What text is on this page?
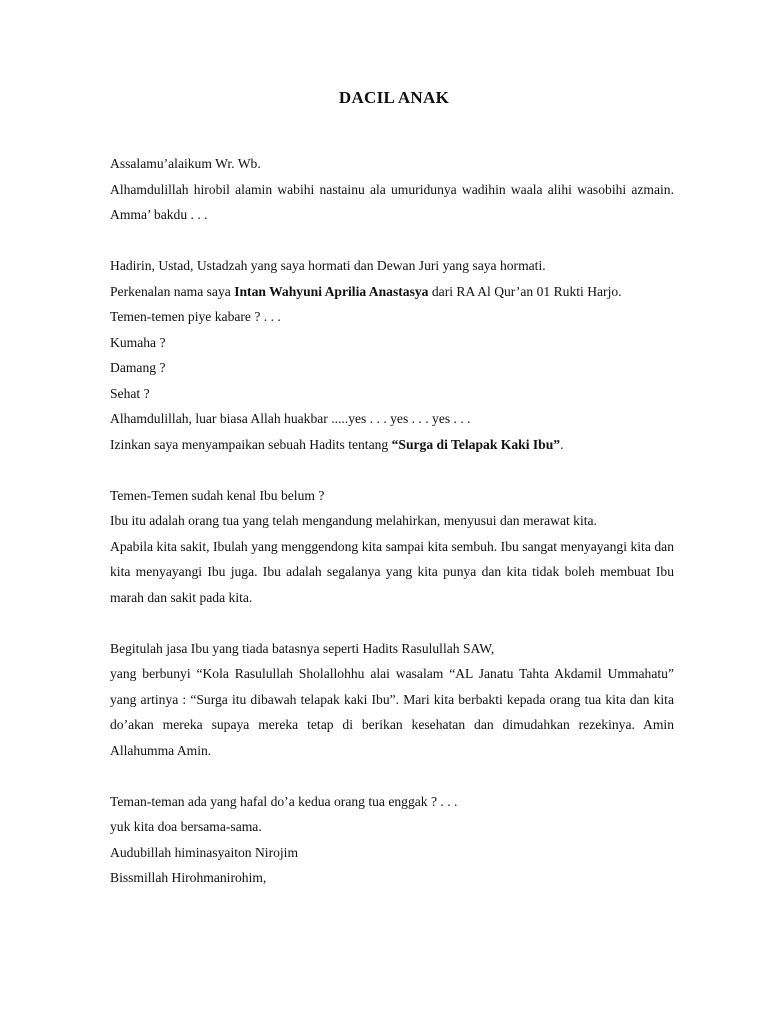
DACIL ANAK

Assalamu’alaikum Wr. Wb.

Alhamdulillah hirobil alamin wabihi nastainu ala umuridunya wadihin waala alihi wasobihi azmain. Amma’ bakdu . . .

Hadirin, Ustad, Ustadzah yang saya hormati dan Dewan Juri yang saya hormati.

Perkenalan nama saya Intan Wahyuni Aprilia Anastasya dari RA Al Qur’an 01 Rukti Harjo.

Temen-temen piye kabare ? . . .

Kumaha ?

Damang ?

Sehat ?

Alhamdulillah, luar biasa Allah huakbar .....yes . . . yes . . . yes . . .

Izinkan saya menyampaikan sebuah Hadits tentang “Surga di Telapak Kaki Ibu”.

Temen-Temen sudah kenal Ibu belum ?

Ibu itu adalah orang tua yang telah mengandung melahirkan, menyusui dan merawat kita.

Apabila kita sakit, Ibulah yang menggendong kita sampai kita sembuh. Ibu sangat menyayangi kita dan kita menyayangi Ibu juga. Ibu adalah segalanya yang kita punya dan kita tidak boleh membuat Ibu marah dan sakit pada kita.

Begitulah jasa Ibu yang tiada batasnya seperti Hadits Rasulullah SAW,

yang berbunyi “Kola Rasulullah Sholallohhu alai wasalam “AL Janatu Tahta Akdamil Ummahatu” yang artinya : “Surga itu dibawah telapak kaki Ibu”. Mari kita berbakti kepada orang tua kita dan kita do’akan mereka supaya mereka tetap di berikan kesehatan dan dimudahkan rezekinya. Amin Allahumma Amin.

Teman-teman ada yang hafal do’a kedua orang tua enggak ? . . .

yuk kita doa bersama-sama.

Audubillah himinasyaiton Nirojim

Bissmillah Hirohmanirohim,
